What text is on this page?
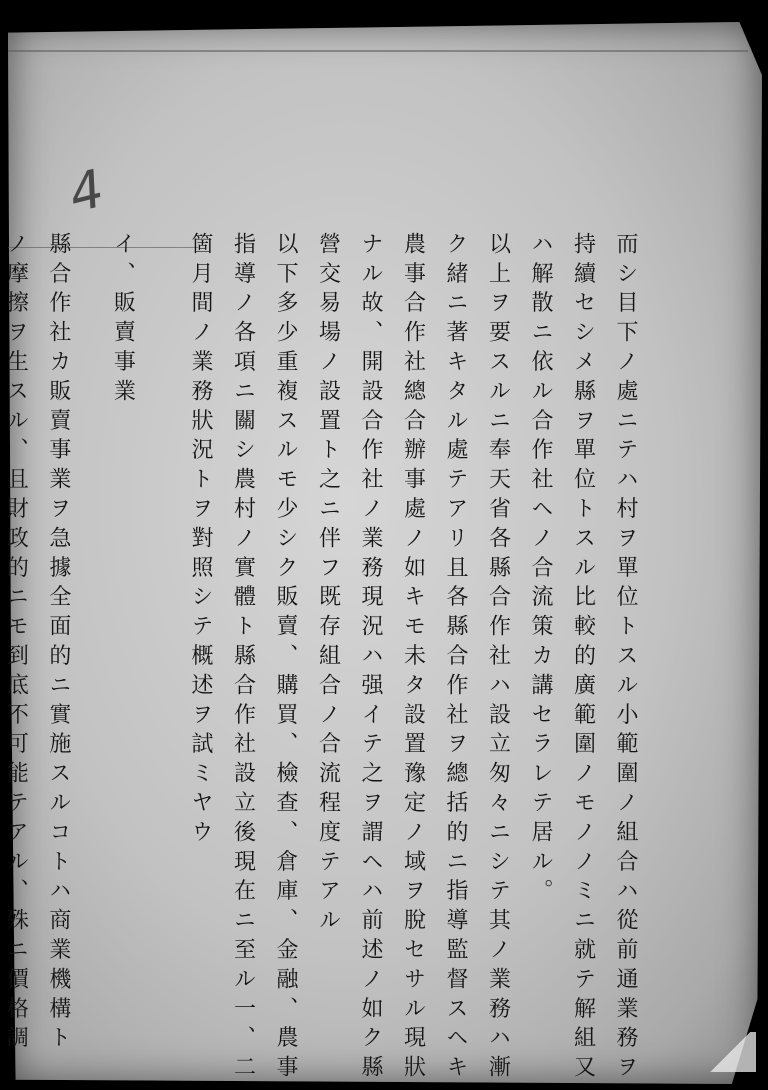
4
而シ目下ノ處ニテハ村ヲ單位トスル小範圍ノ組合ハ從前通業務ヲ
持續セシメ縣ヲ單位トスル比較的廣範圍ノモノノミニ就テ解組又
ハ解散ニ依ル合作社ヘノ合流策カ講セラレテ居ル。
以上ヲ要スルニ奉天省各縣合作社ハ設立匆々ニシテ其ノ業務ハ漸
ク緒ニ著キタル處テアリ且各縣合作社ヲ總括的ニ指導監督スヘキ
農事合作社總合辦事處ノ如キモ未タ設置豫定ノ域ヲ脫セサル現狀
ナル故、開設合作社ノ業務現況ハ强イテ之ヲ謂ヘハ前述ノ如ク縣
營交易場ノ設置ト之ニ伴フ既存組合ノ合流程度テアル
以下多少重複スルモ少シク販賣、購買、檢查、倉庫、金融、農事
指導ノ各項ニ關シ農村ノ實體ト縣合作社設立後現在ニ至ル一、二
箇月間ノ業務狀況トヲ對照シテ概述ヲ試ミヤウ
イ、販賣事業
縣合作社カ販賣事業ヲ急據全面的ニ實施スルコトハ商業機構ト
ノ摩擦ヲ生スル、且財政的ニモ到底不可能テアル、殊ニ價格調
